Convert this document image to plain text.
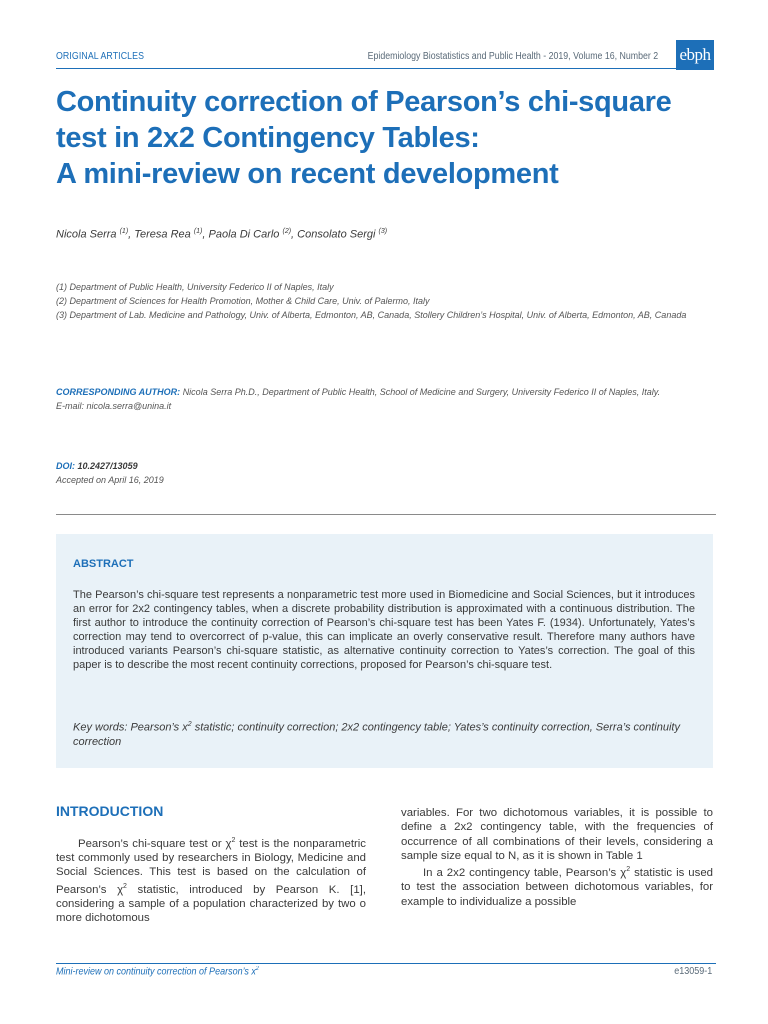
ORIGINAL ARTICLES	Epidemiology Biostatistics and Public Health - 2019, Volume 16, Number 2 ebph
Continuity correction of Pearson’s chi-square
test in 2x2 Contingency Tables:
A mini-review on recent development
Nicola Serra $^{(1)}$, Teresa Rea $^{(1)}$, Paola Di Carlo $^{(2)}$, Consolato Sergi $^{(3)}$
(1) Department of Public Health, University Federico II of Naples, Italy
(2) Department of Sciences for Health Promotion, Mother & Child Care, Univ. of Palermo, Italy
(3) Department of Lab. Medicine and Pathology, Univ. of Alberta, Edmonton, AB, Canada, Stollery Children’s Hospital, Univ. of Alberta, Edmonton, AB, Canada
CORRESPONDING AUTHOR: Nicola Serra Ph.D., Department of Public Health, School of Medicine and Surgery, University Federico II of Naples, Italy.
E-mail: nicola.serra@unina.it
DOI: 10.2427/13059
Accepted on April 16, 2019
ABSTRACT
The Pearson’s chi-square test represents a nonparametric test more used in Biomedicine and Social Sciences, but it introduces an error for 2x2 contingency tables, when a discrete probability distribution is approximated with a continuous distribution. The first author to introduce the continuity correction of Pearson’s chi-square test has been Yates F. (1934). Unfortunately, Yates’s correction may tend to overcorrect of p-value, this can implicate an overly conservative result. Therefore many authors have introduced variants Pearson’s chi-square statistic, as alternative continuity correction to Yates’s correction. The goal of this paper is to describe the most recent continuity corrections, proposed for Pearson’s chi-square test.
Key words: Pearson’s $x^2$ statistic; continuity correction; 2x2 contingency table; Yates’s continuity correction, Serra’s continuity correction
INTRODUCTION

Pearson’s chi-square test or $\chi^2$ test is the nonparametric test commonly used by researchers in Biology, Medicine and Social Sciences. This test is based on the calculation of Pearson’s $\chi^2$ statistic, introduced by Pearson K. [1], considering a sample of a population characterized by two o more dichotomous

variables. For two dichotomous variables, it is possible to define a 2x2 contingency table, with the frequencies of occurrence of all combinations of their levels, considering a sample size equal to N, as it is shown in Table 1

In a 2x2 contingency table, Pearson’s $\chi^2$ statistic is used to test the association between dichotomous variables, for example to individualize a possible

Mini-review on continuity correction of Pearson’s $x^2$	e13059-1
